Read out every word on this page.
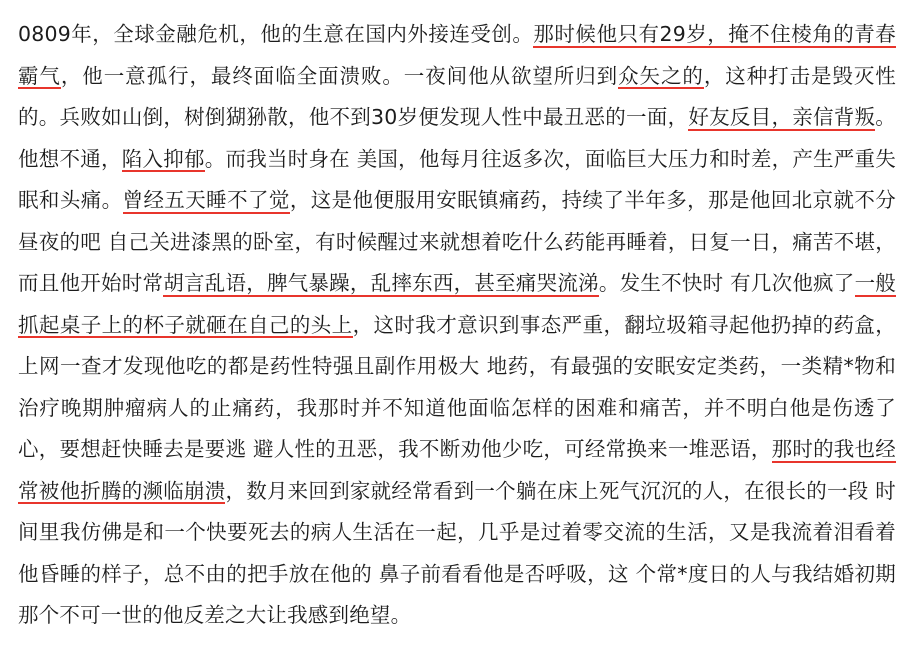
0809年，全球金融危机，他的生意在国内外接连受创。那时候他只有29岁，掩不住棱角的青春霸气，他一意孤行，最终面临全面溃败。一夜间他从欲望所归到众矢之的，这种打击是毁灭性的。兵败如山倒，树倒猢狲散，他不到30岁便发现人性中最丑恶的一面，好友反目，亲信背叛。他想不通，陷入抑郁。而我当时身在 美国，他每月往返多次，面临巨大压力和时差，产生严重失眠和头痛。曾经五天睡不了觉，这是他便服用安眠镇痛药，持续了半年多，那是他回北京就不分昼夜的吧 自己关进漆黑的卧室，有时候醒过来就想着吃什么药能再睡着，日复一日，痛苦不堪，而且他开始时常胡言乱语，脾气暴躁，乱摔东西，甚至痛哭流涕。发生不快时 有几次他疯了一般抓起桌子上的杯子就砸在自己的头上，这时我才意识到事态严重，翻垃圾箱寻起他扔掉的药盒，上网一查才发现他吃的都是药性特强且副作用极大 地药，有最强的安眠安定类药，一类精*物和治疗晚期肿瘤病人的止痛药，我那时并不知道他面临怎样的困难和痛苦，并不明白他是伤透了心，要想赶快睡去是要逃 避人性的丑恶，我不断劝他少吃，可经常换来一堆恶语，那时的我也经常被他折腾的濒临崩溃，数月来回到家就经常看到一个躺在床上死气沉沉的人，在很长的一段 时间里我仿佛是和一个快要死去的病人生活在一起，几乎是过着零交流的生活，又是我流着泪看着他昏睡的样子，总不由的把手放在他的 鼻子前看看他是否呼吸，这 个常*度日的人与我结婚初期那个不可一世的他反差之大让我感到绝望。
